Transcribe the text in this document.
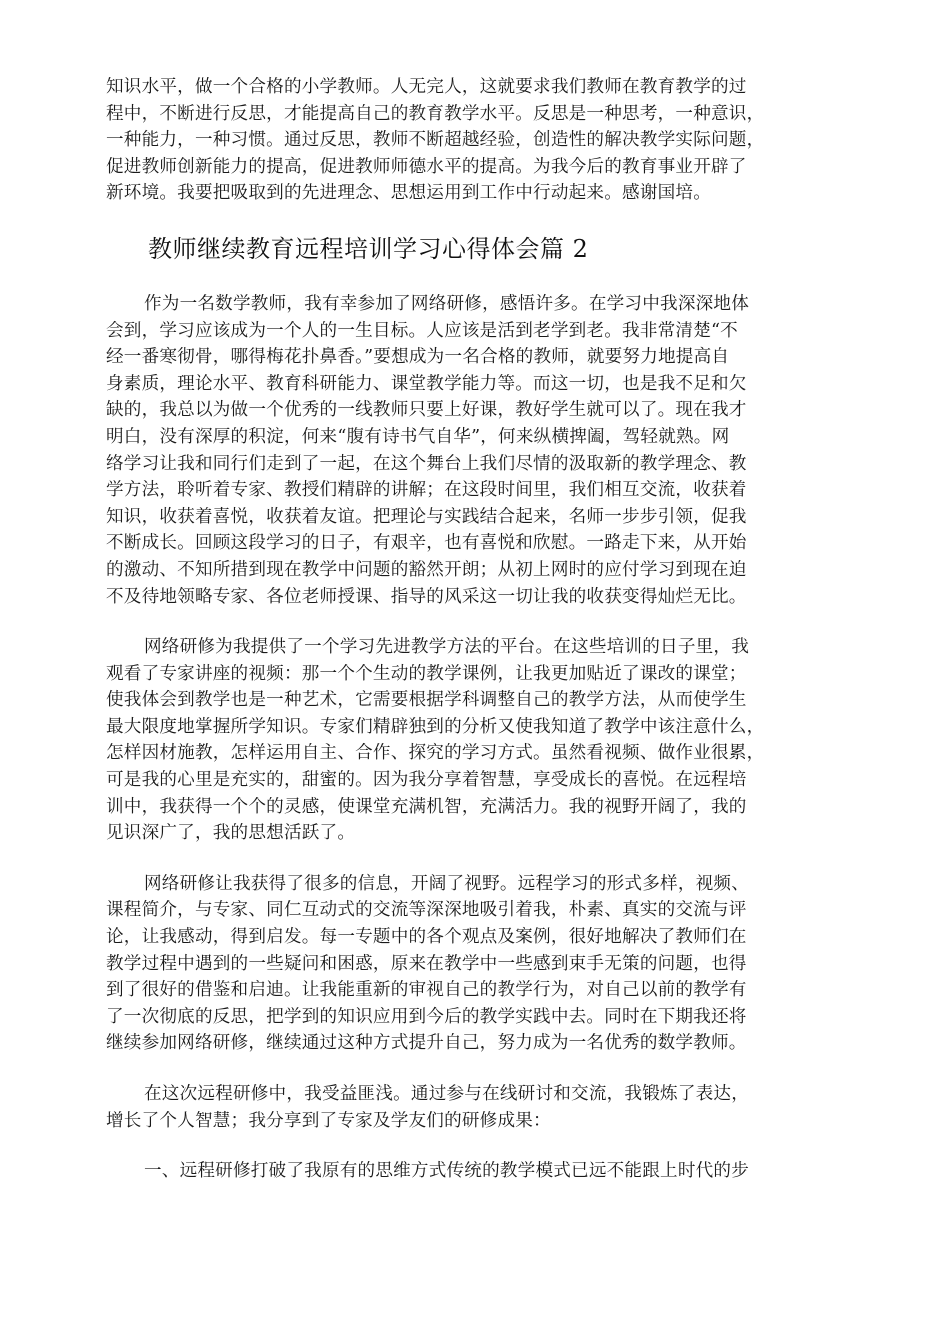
知识水平，做一个合格的小学教师。人无完人，这就要求我们教师在教育教学的过
程中，不断进行反思，才能提高自己的教育教学水平。反思是一种思考，一种意识，
一种能力，一种习惯。通过反思，教师不断超越经验，创造性的解决教学实际问题，
促进教师创新能力的提高，促进教师师德水平的提高。为我今后的教育事业开辟了
新环境。我要把吸取到的先进理念、思想运用到工作中行动起来。感谢国培。

教师继续教育远程培训学习心得体会篇 2

作为一名数学教师，我有幸参加了网络研修，感悟许多。在学习中我深深地体
会到，学习应该成为一个人的一生目标。人应该是活到老学到老。我非常清楚“不
经一番寒彻骨，哪得梅花扑鼻香。”要想成为一名合格的教师，就要努力地提高自
身素质，理论水平、教育科研能力、课堂教学能力等。而这一切，也是我不足和欠
缺的，我总以为做一个优秀的一线教师只要上好课，教好学生就可以了。现在我才
明白，没有深厚的积淀，何来“腹有诗书气自华”，何来纵横捭阖，驾轻就熟。网
络学习让我和同行们走到了一起，在这个舞台上我们尽情的汲取新的教学理念、教
学方法，聆听着专家、教授们精辟的讲解；在这段时间里，我们相互交流，收获着
知识，收获着喜悦，收获着友谊。把理论与实践结合起来，名师一步步引领，促我
不断成长。回顾这段学习的日子，有艰辛，也有喜悦和欣慰。一路走下来，从开始
的激动、不知所措到现在教学中问题的豁然开朗；从初上网时的应付学习到现在迫
不及待地领略专家、各位老师授课、指导的风采这一切让我的收获变得灿烂无比。

网络研修为我提供了一个学习先进教学方法的平台。在这些培训的日子里，我
观看了专家讲座的视频：那一个个生动的教学课例，让我更加贴近了课改的课堂；
使我体会到教学也是一种艺术，它需要根据学科调整自己的教学方法，从而使学生
最大限度地掌握所学知识。专家们精辟独到的分析又使我知道了教学中该注意什么，
怎样因材施教，怎样运用自主、合作、探究的学习方式。虽然看视频、做作业很累，
可是我的心里是充实的，甜蜜的。因为我分享着智慧，享受成长的喜悦。在远程培
训中，我获得一个个的灵感，使课堂充满机智，充满活力。我的视野开阔了，我的
见识深广了，我的思想活跃了。

网络研修让我获得了很多的信息，开阔了视野。远程学习的形式多样，视频、
课程简介，与专家、同仁互动式的交流等深深地吸引着我，朴素、真实的交流与评
论，让我感动，得到启发。每一专题中的各个观点及案例，很好地解决了教师们在
教学过程中遇到的一些疑问和困惑，原来在教学中一些感到束手无策的问题，也得
到了很好的借鉴和启迪。让我能重新的审视自己的教学行为，对自己以前的教学有
了一次彻底的反思，把学到的知识应用到今后的教学实践中去。同时在下期我还将
继续参加网络研修，继续通过这种方式提升自己，努力成为一名优秀的数学教师。

在这次远程研修中，我受益匪浅。通过参与在线研讨和交流，我锻炼了表达，
增长了个人智慧；我分享到了专家及学友们的研修成果：

一、远程研修打破了我原有的思维方式传统的教学模式已远不能跟上时代的步
